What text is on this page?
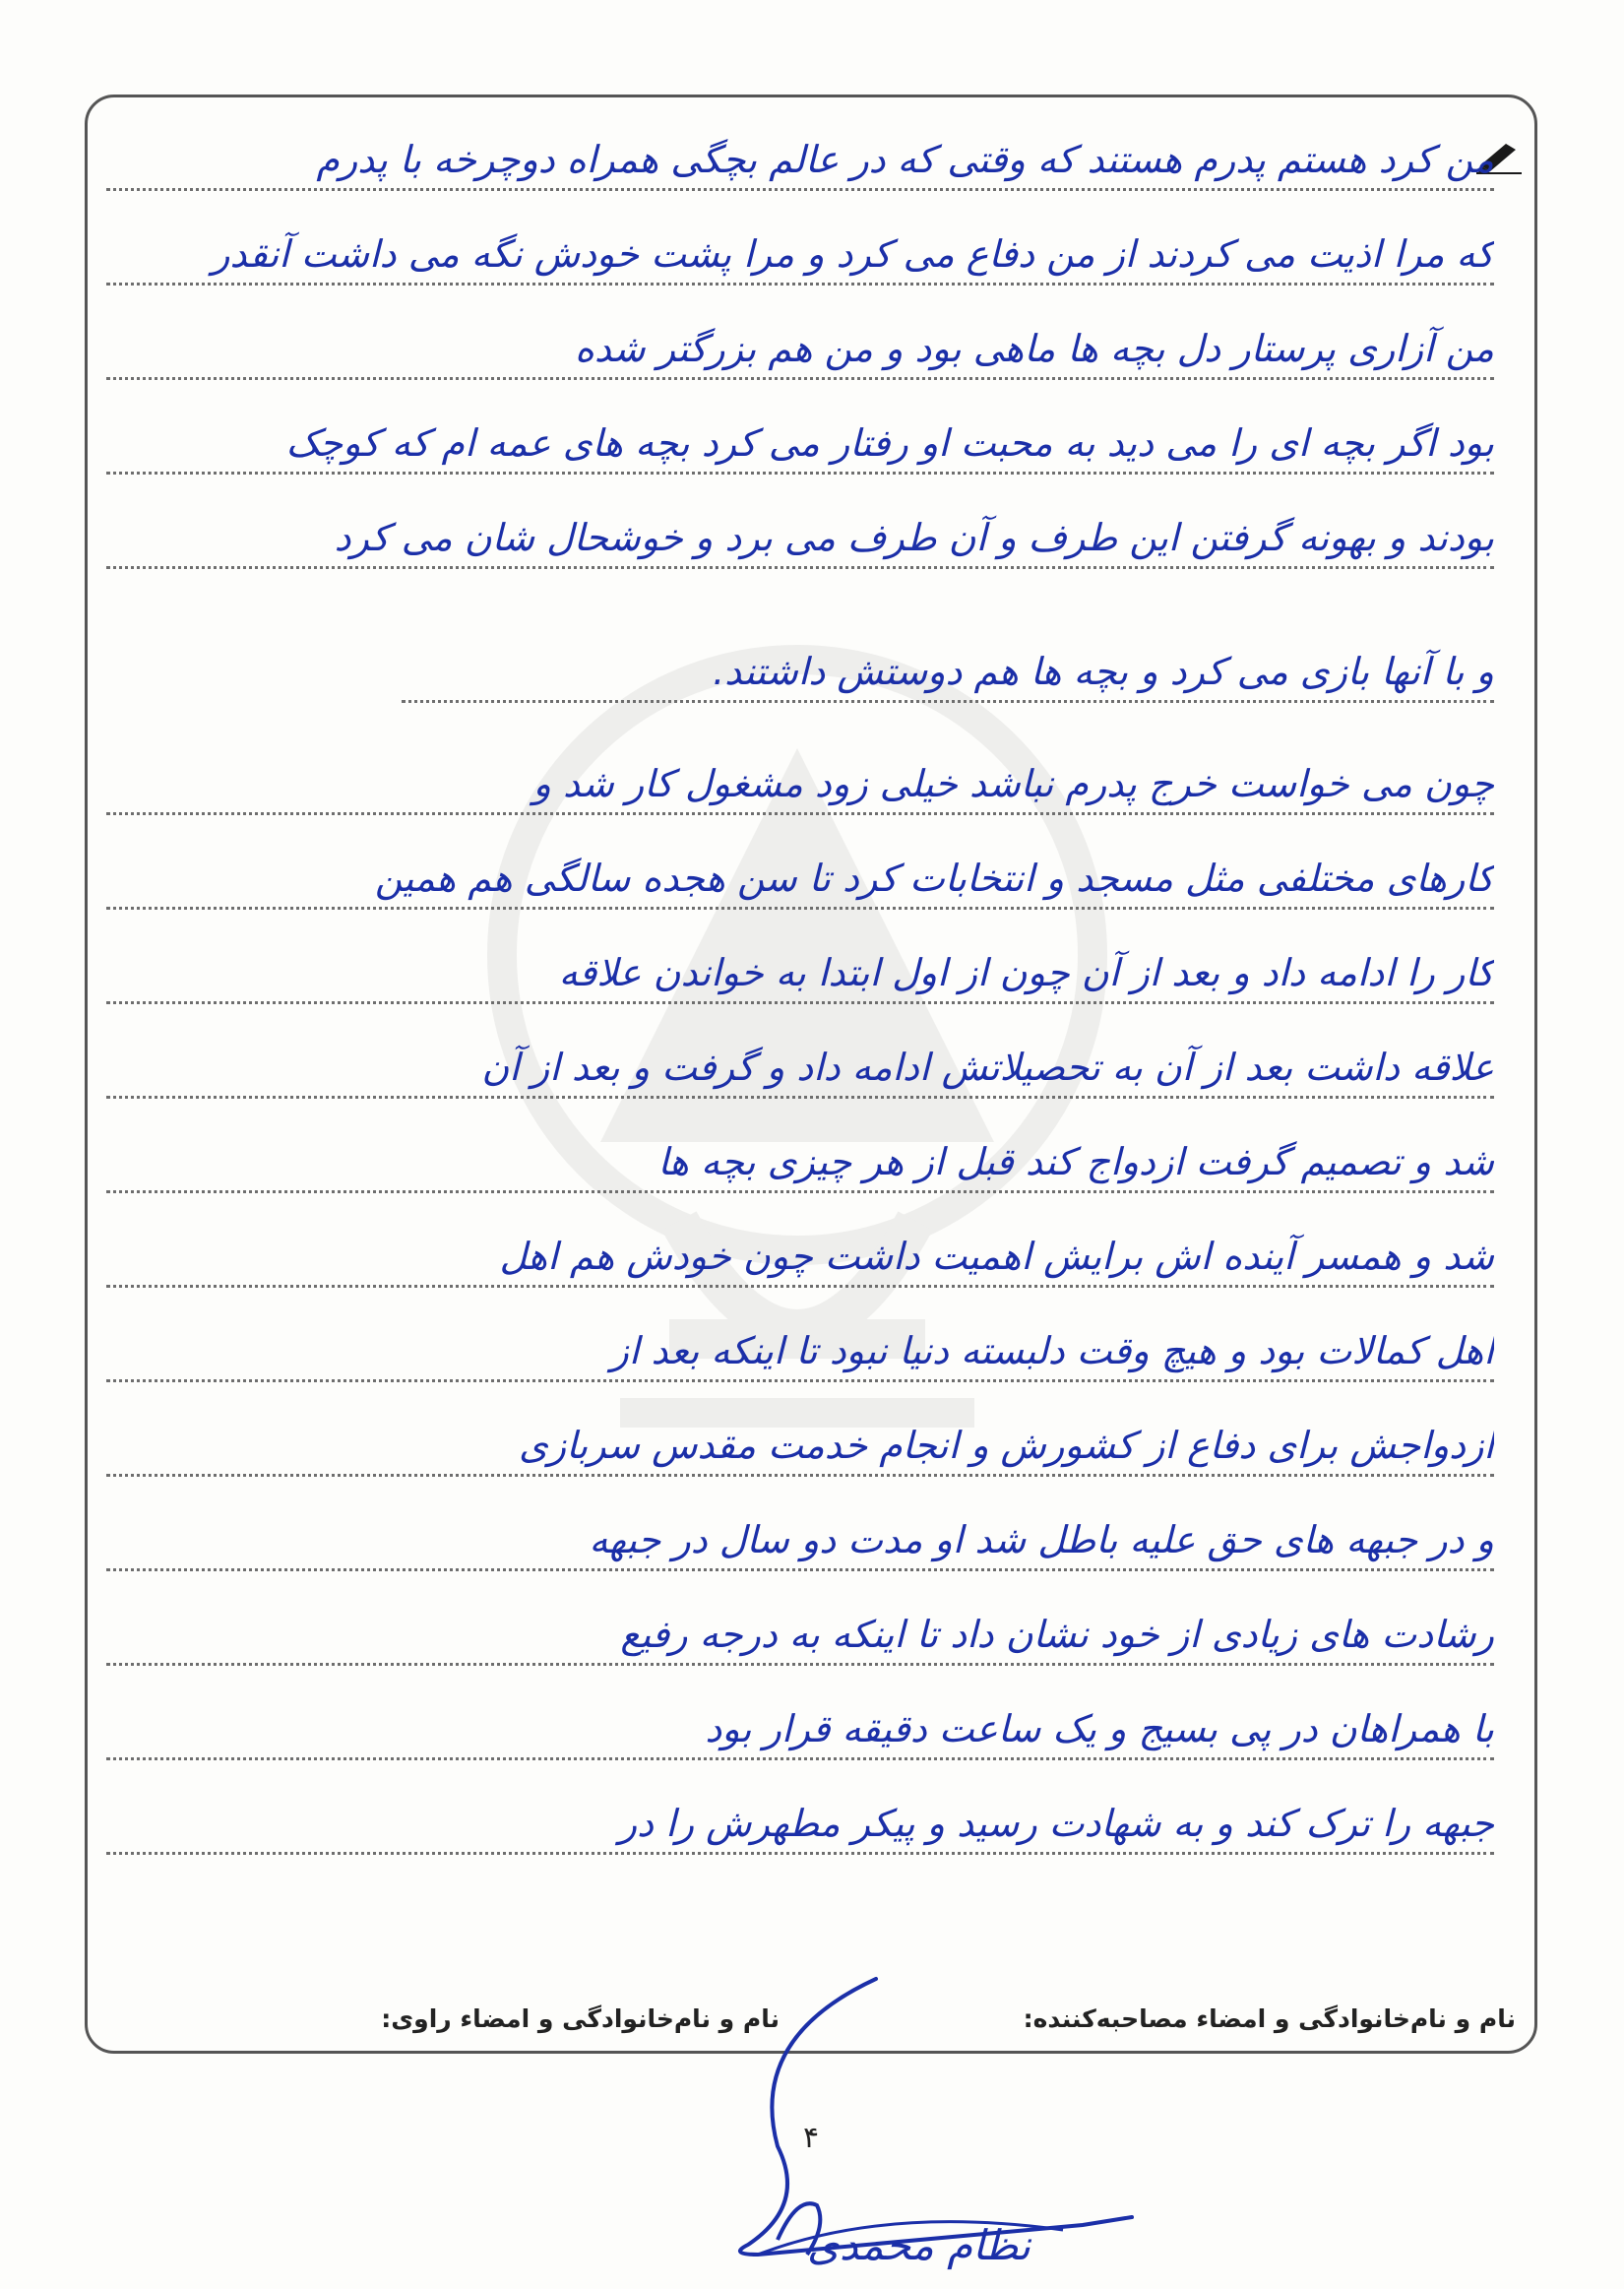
من کرد هستم پدرم هستند که وقتی که در عالم بچگی همراه دوچرخه با پدرم
که مرا اذیت می کردند از من دفاع می کرد و مرا پشت خودش نگه می داشت آنقدر
من آزاری پرستار دل بچه ها ماهی بود و من هم بزرگتر شده
بود اگر بچه ای را می دید به محبت او رفتار می کرد بچه های عمه ام که کوچک
بودند و بهونه گرفتن این طرف و آن طرف می برد و خوشحال شان می کرد
و با آنها بازی می کرد و بچه ها هم دوستش داشتند.
چون می خواست خرج پدرم نباشد خیلی زود مشغول کار شد و
کارهای مختلفی مثل مسجد و انتخابات کرد تا سن هجده سالگی هم همین
کار را ادامه داد و بعد از آن چون از اول ابتدا به خواندن علاقه
علاقه داشت بعد از آن به تحصیلاتش ادامه داد و گرفت و بعد از آن
شد و تصمیم گرفت ازدواج کند قبل از هر چیزی بچه ها
شد و همسر آینده اش برایش اهمیت داشت چون خودش هم اهل
اهل کمالات بود و هیچ وقت دلبسته دنیا نبود تا اینکه بعد از
ازدواجش برای دفاع از کشورش و انجام خدمت مقدس سربازی
و در جبهه های حق علیه باطل شد او مدت دو سال در جبهه
رشادت های زیادی از خود نشان داد تا اینکه به درجه رفیع
با همراهان در پی بسیج و یک ساعت دقیقه قرار بود
جبهه را ترک کند و به شهادت رسید و پیکر مطهرش را در
نام و نام‌خانوادگی و امضاء مصاحبه‌کننده:
نام و نام‌خانوادگی و امضاء راوی:
۴
نظام محمدی
